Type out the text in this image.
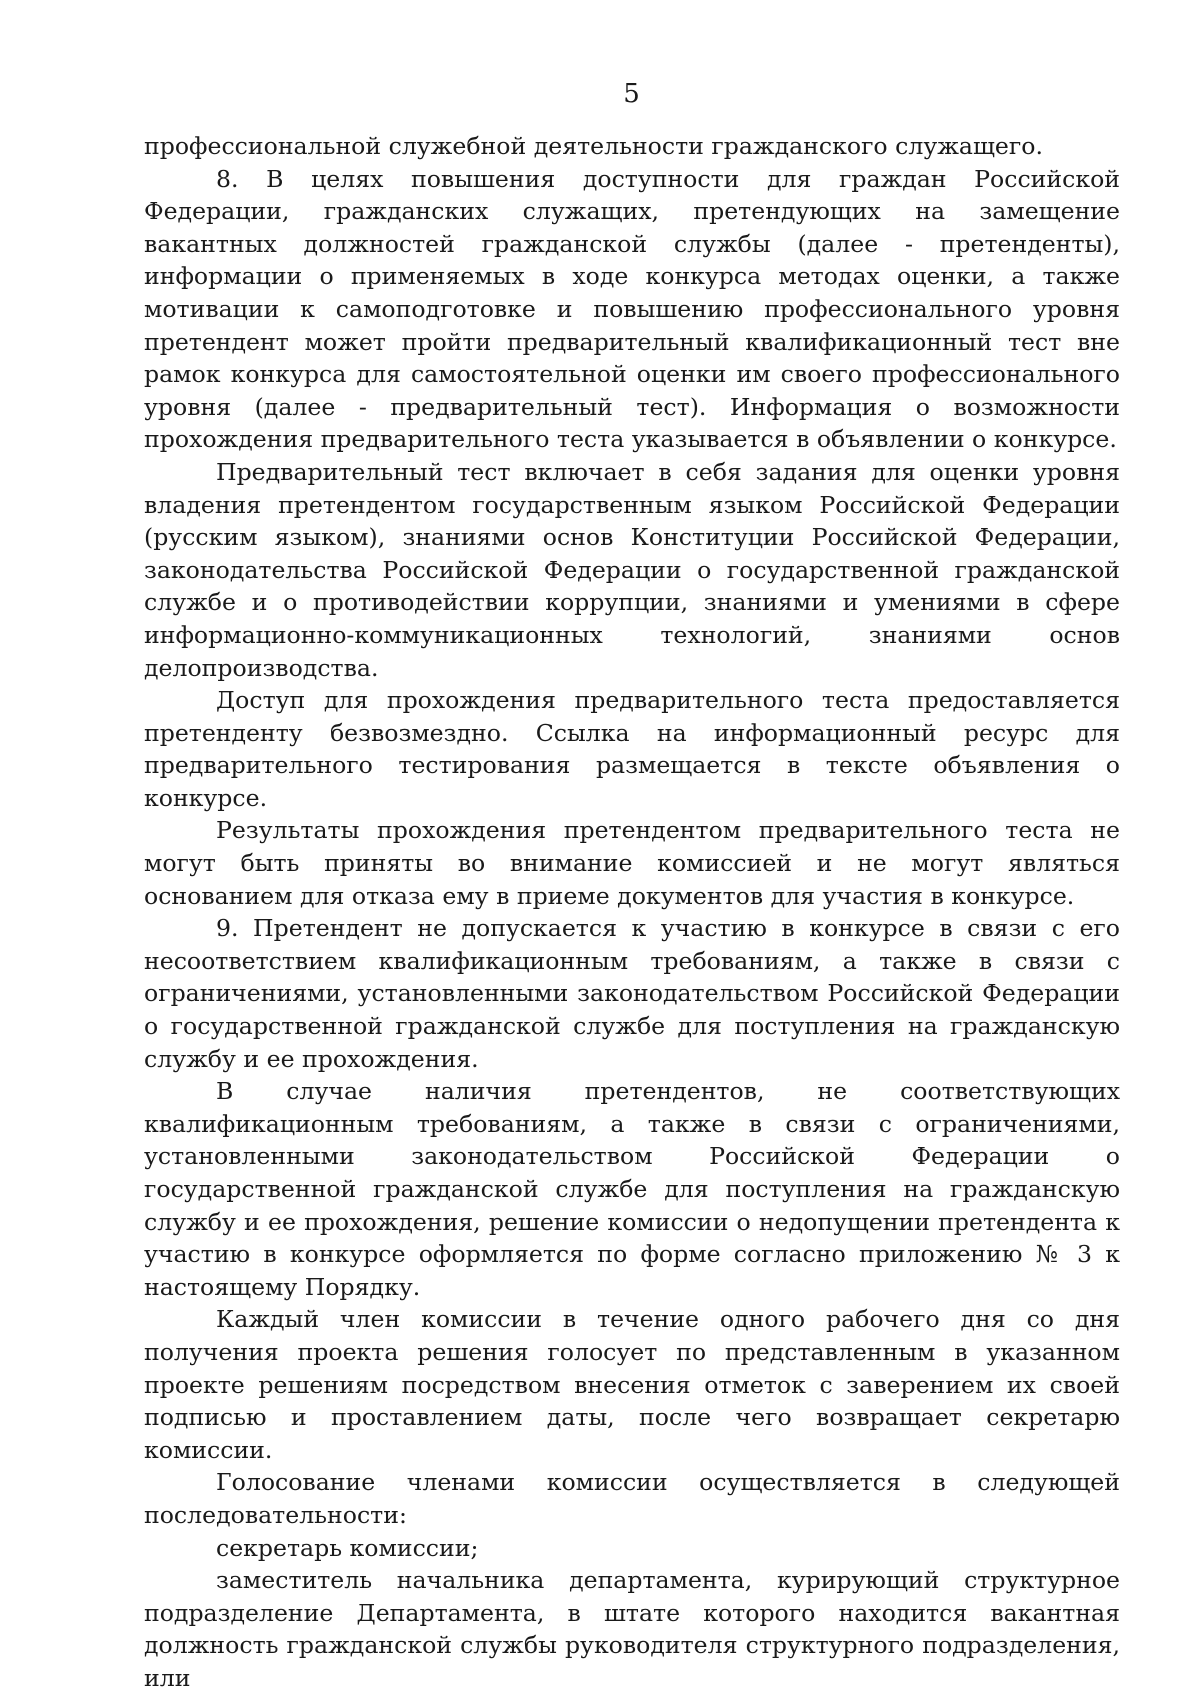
5

профессиональной служебной деятельности гражданского служащего.

8. В целях повышения доступности для граждан Российской Федерации, гражданских служащих, претендующих на замещение вакантных должностей гражданской службы (далее - претенденты), информации о применяемых в ходе конкурса методах оценки, а также мотивации к самоподготовке и повышению профессионального уровня претендент может пройти предварительный квалификационный тест вне рамок конкурса для самостоятельной оценки им своего профессионального уровня (далее - предварительный тест). Информация о возможности прохождения предварительного теста указывается в объявлении о конкурсе.

Предварительный тест включает в себя задания для оценки уровня владения претендентом государственным языком Российской Федерации (русским языком), знаниями основ Конституции Российской Федерации, законодательства Российской Федерации о государственной гражданской службе и о противодействии коррупции, знаниями и умениями в сфере информационно-коммуникационных технологий, знаниями основ делопроизводства.

Доступ для прохождения предварительного теста предоставляется претенденту безвозмездно. Ссылка на информационный ресурс для предварительного тестирования размещается в тексте объявления о конкурсе.

Результаты прохождения претендентом предварительного теста не могут быть приняты во внимание комиссией и не могут являться основанием для отказа ему в приеме документов для участия в конкурсе.

9. Претендент не допускается к участию в конкурсе в связи с его несоответствием квалификационным требованиям, а также в связи с ограничениями, установленными законодательством Российской Федерации о государственной гражданской службе для поступления на гражданскую службу и ее прохождения.

В случае наличия претендентов, не соответствующих квалификационным требованиям, а также в связи с ограничениями, установленными законодательством Российской Федерации о государственной гражданской службе для поступления на гражданскую службу и ее прохождения, решение комиссии о недопущении претендента к участию в конкурсе оформляется по форме согласно приложению № 3 к настоящему Порядку.

Каждый член комиссии в течение одного рабочего дня со дня получения проекта решения голосует по представленным в указанном проекте решениям посредством внесения отметок с заверением их своей подписью и проставлением даты, после чего возвращает секретарю комиссии.

Голосование членами комиссии осуществляется в следующей последовательности:

секретарь комиссии;

заместитель начальника департамента, курирующий структурное подразделение Департамента, в штате которого находится вакантная должность гражданской службы руководителя структурного подразделения, или
